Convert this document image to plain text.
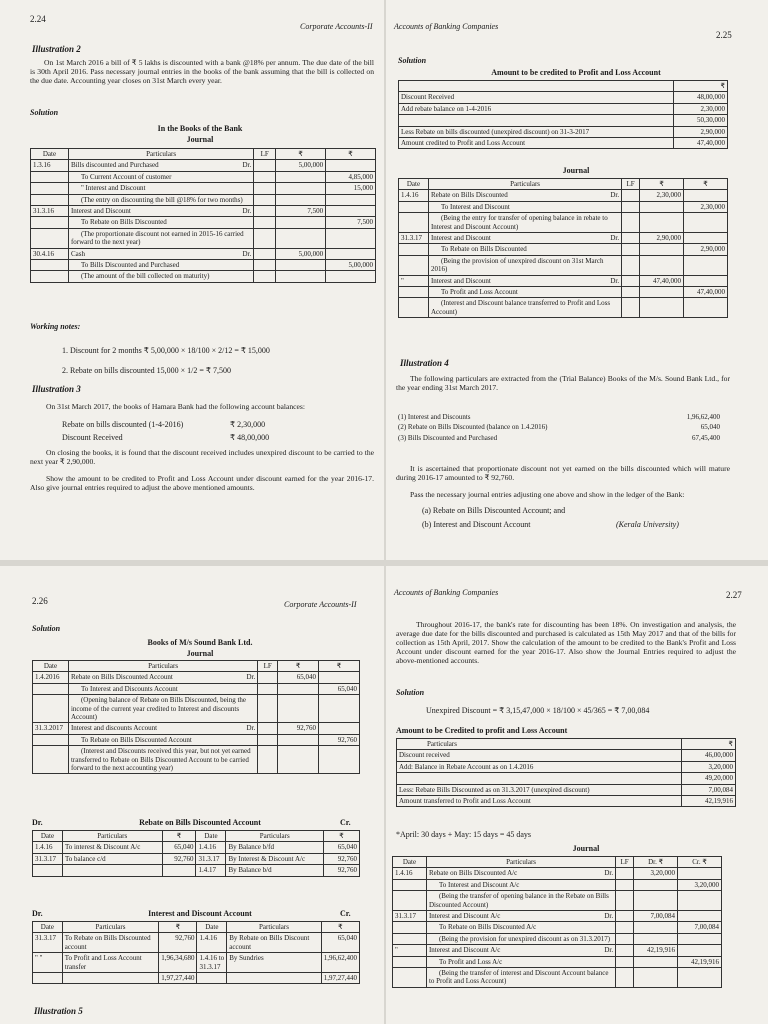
2.24
Corporate Accounts-II
Illustration 2

On 1st March 2016 a bill of ₹ 5 lakhs is discounted with a bank @18% per annum. The due date of the bill is 30th April 2016. Pass necessary journal entries in the books of the bank assuming that the bill is collected on the due date. Accounting year closes on 31st March every year.

Solution
In the Books of the Bank
Journal
Date	Particulars	LF	₹	₹
1.3.16	Bills discounted and Purchased Dr.		5,00,000	
	To Current Account of customer			4,85,000
	" Interest and Discount			15,000
	(The entry on discounting the bill @18% for two months)			
31.3.16	Interest and Discount Dr.		7,500	
	To Rebate on Bills Discounted			7,500
	(The proportionate discount not earned in 2015-16 carried forward to the next year)			
30.4.16	Cash Dr.		5,00,000	
	To Bills Discounted and Purchased			5,00,000
	(The amount of the bill collected on maturity)			
Working notes:
1. Discount for 2 months ₹ 5,00,000 × 18/100 × 2/12 = ₹ 15,000
2. Rebate on bills discounted 15,000 × 1/2 = ₹ 7,500
Illustration 3

On 31st March 2017, the books of Hamara Bank had the following account balances:

Rebate on bills discounted (1-4-2016)	₹ 2,30,000
Discount Received	₹ 48,00,000

On closing the books, it is found that the discount received includes unexpired discount to be carried to the next year ₹ 2,90,000.

Show the amount to be credited to Profit and Loss Account under discount earned for the year 2016-17. Also give journal entries required to adjust the above mentioned amounts.

Accounts of Banking Companies
2.25
Solution
Amount to be credited to Profit and Loss Account
	₹
Discount Received	48,00,000
Add rebate balance on 1-4-2016	2,30,000
	50,30,000
Less Rebate on bills discounted (unexpired discount) on 31-3-2017	2,90,000
Amount credited to Profit and Loss Account	47,40,000
Journal
Date	Particulars	LF	₹	₹
1.4.16	Rebate on Bills Discounted Dr.		2,30,000	
	To Interest and Discount			2,30,000
	(Being the entry for transfer of opening balance in rebate to Interest and Discount Account)			
31.3.17	Interest and Discount Dr.		2,90,000	
	To Rebate on Bills Discounted			2,90,000
	(Being the provision of unexpired discount on 31st March 2016)			
"	Interest and Discount Dr.		47,40,000	
	To Profit and Loss Account			47,40,000
	(Interest and Discount balance transferred to Profit and Loss Account)			
Illustration 4

The following particulars are extracted from the (Trial Balance) Books of the M/s. Sound Bank Ltd., for the year ending 31st March 2017.

(1) Interest and Discounts	1,96,62,400
(2) Rebate on Bills Discounted (balance on 1.4.2016)	65,040
(3) Bills Discounted and Purchased	67,45,400

It is ascertained that proportionate discount not yet earned on the bills discounted which will mature during 2016-17 amounted to ₹ 92,760.

Pass the necessary journal entries adjusting one above and show in the ledger of the Bank:

(a) Rebate on Bills Discounted Account; and
(b) Interest and Discount Account	(Kerala University)
2.26	Corporate Accounts-II
Solution
Books of M/s Sound Bank Ltd.
Journal
Date	Particulars	LF	₹	₹
1.4.2016	Rebate on Bills Discounted Account Dr.		65,040	
	To Interest and Discounts Account			65,040
	(Opening balance of Rebate on Bills Discounted, being the income of the current year credited to Interest and discounts Account)			
31.3.2017	Interest and discounts Account Dr.		92,760	
	To Rebate on Bills Discounted Account			92,760
	(Interest and Discounts received this year, but not yet earned transferred to Rebate on Bills Discounted Account to be carried forward to the next accounting year)			
Dr.	Rebate on Bills Discounted Account	Cr.
Date	Particulars	₹	Date	Particulars	₹
1.4.16	To interest & Discount A/c	65,040	1.4.16	By Balance b/fd	65,040
31.3.17	To balance c/d	92,760	31.3.17	By Interest & Discount A/c	92,760
			1.4.17	By Balance b/d	92,760
Dr.	Interest and Discount Account	Cr.
Date	Particulars	₹	Date	Particulars	₹
31.3.17	To Rebate on Bills Discounted account	92,760	1.4.16	By Rebate on Bills Discount account	65,040
" "	To Profit and Loss Account transfer	1,96,34,680	1.4.16 to 31.3.17	By Sundries	1,96,62,400
		1,97,27,440			1,97,27,440
Illustration 5
Accounts of Banking Companies	2.27

Throughout 2016-17, the bank's rate for discounting has been 18%. On investigation and analysis, the average due date for the bills discounted and purchased is calculated as 15th May 2017 and that of the bills for collection as 15th April, 2017. Show the calculation of the amount to be credited to the Bank's Profit and Loss Account under discount earned for the year 2016-17. Also show the Journal Entries required to adjust the above-mentioned accounts.

Solution
Unexpired Discount = ₹ 3,15,47,000 × 18/100 × 45/365 = ₹ 7,00,084
Amount to be Credited to profit and Loss Account
Particulars	₹
Discount received	46,00,000
Add: Balance in Rebate Account as on 1.4.2016	3,20,000
	49,20,000
Less: Rebate Bills Discounted as on 31.3.2017 (unexpired discount)	7,00,084
Amount transferred to Profit and Loss Account	42,19,916
*April: 30 days + May: 15 days = 45 days
Journal
Date	Particulars	LF	Dr. ₹	Cr. ₹
1.4.16	Rebate on Bills Discounted A/c Dr.		3,20,000	
	To Interest and Discount A/c			3,20,000
	(Being the transfer of opening balance in the Rebate on Bills Discounted Account)			
31.3.17	Interest and Discount A/c Dr.		7,00,084	
	To Rebate on Bills Discounted A/c			7,00,084
	(Being the provision for unexpired discount as on 31.3.2017)			
"	Interest and Discount A/c Dr.		42,19,916	
	To Profit and Loss A/c			42,19,916
	(Being the transfer of interest and Discount Account balance to Profit and Loss Account)			
